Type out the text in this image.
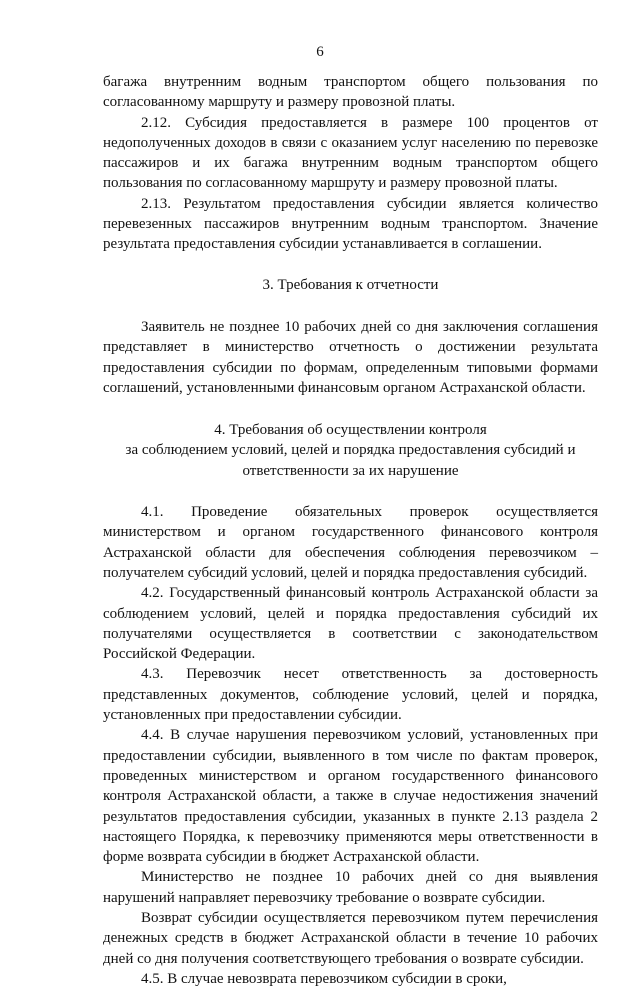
6

багажа внутренним водным транспортом общего пользования по согласованному маршруту и размеру провозной платы.

2.12. Субсидия предоставляется в размере 100 процентов от недополученных доходов в связи с оказанием услуг населению по перевозке пассажиров и их багажа внутренним водным транспортом общего пользования по согласованному маршруту и размеру провозной платы.

2.13. Результатом предоставления субсидии является количество перевезенных пассажиров внутренним водным транспортом. Значение результата предоставления субсидии устанавливается в соглашении.

3. Требования к отчетности

Заявитель не позднее 10 рабочих дней со дня заключения соглашения представляет в министерство отчетность о достижении результата предоставления субсидии по формам, определенным типовыми формами соглашений, установленными финансовым органом Астраханской области.

4. Требования об осуществлении контроля
за соблюдением условий, целей и порядка предоставления субсидий и
ответственности за их нарушение

4.1. Проведение обязательных проверок осуществляется министерством и органом государственного финансового контроля Астраханской области для обеспечения соблюдения перевозчиком – получателем субсидий условий, целей и порядка предоставления субсидий.

4.2. Государственный финансовый контроль Астраханской области за соблюдением условий, целей и порядка предоставления субсидий их получателями осуществляется в соответствии с законодательством Российской Федерации.

4.3. Перевозчик несет ответственность за достоверность представленных документов, соблюдение условий, целей и порядка, установленных при предоставлении субсидии.

4.4. В случае нарушения перевозчиком условий, установленных при предоставлении субсидии, выявленного в том числе по фактам проверок, проведенных министерством и органом государственного финансового контроля Астраханской области, а также в случае недостижения значений результатов предоставления субсидии, указанных в пункте 2.13 раздела 2 настоящего Порядка, к перевозчику применяются меры ответственности в форме возврата субсидии в бюджет Астраханской области.

Министерство не позднее 10 рабочих дней со дня выявления нарушений направляет перевозчику требование о возврате субсидии.

Возврат субсидии осуществляется перевозчиком путем перечисления денежных средств в бюджет Астраханской области в течение 10 рабочих дней со дня получения соответствующего требования о возврате субсидии.

4.5. В случае невозврата перевозчиком субсидии в сроки,
